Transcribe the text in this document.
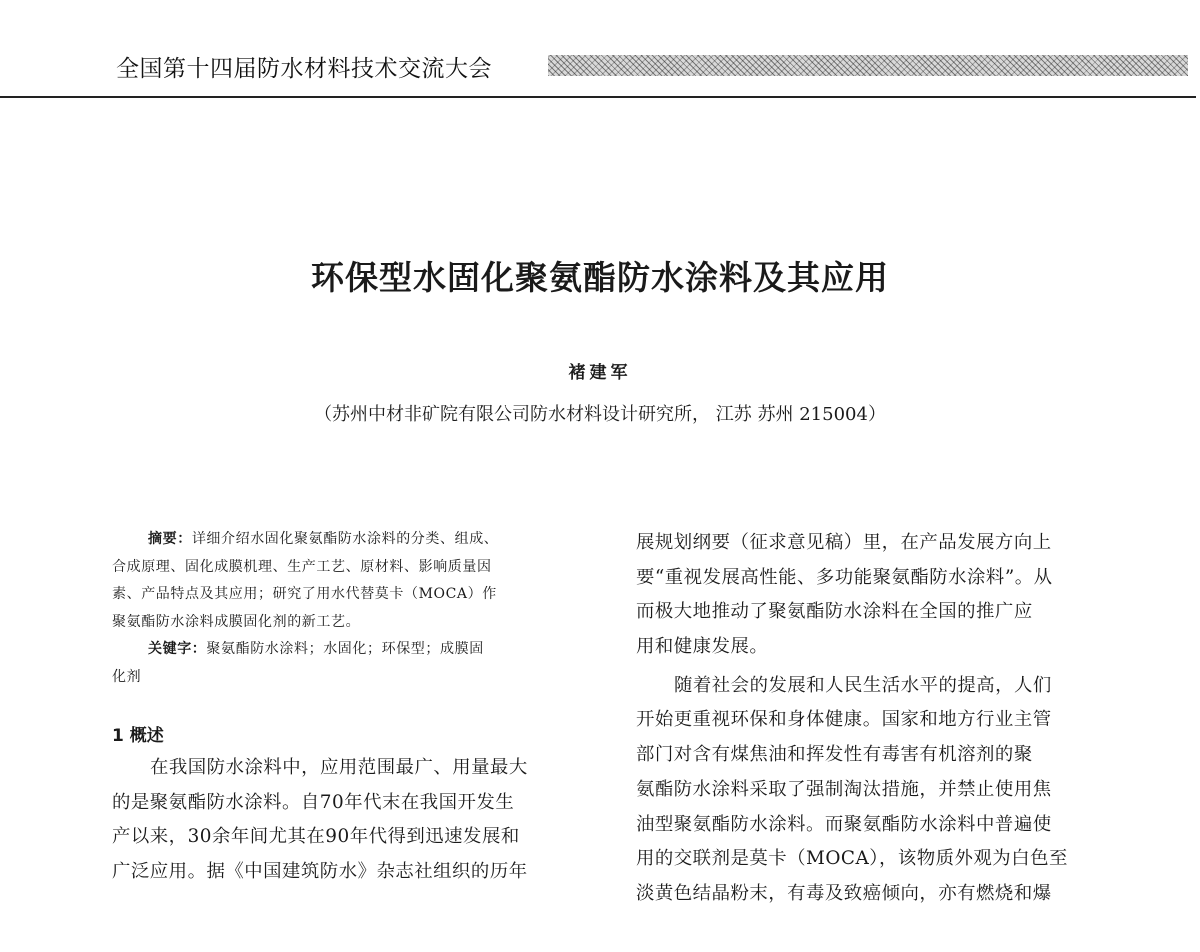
全国第十四届防水材料技术交流大会
环保型水固化聚氨酯防水涂料及其应用
褚建军
（苏州中材非矿院有限公司防水材料设计研究所， 江苏 苏州 215004）
摘要：详细介绍水固化聚氨酯防水涂料的分类、组成、
合成原理、固化成膜机理、生产工艺、原材料、影响质量因
素、产品特点及其应用；研究了用水代替莫卡（MOCA）作
聚氨酯防水涂料成膜固化剂的新工艺。
关键字：聚氨酯防水涂料；水固化；环保型；成膜固
化剂
1 概述
在我国防水涂料中，应用范围最广、用量最大
的是聚氨酯防水涂料。自70年代末在我国开发生
产以来，30余年间尤其在90年代得到迅速发展和
广泛应用。据《中国建筑防水》杂志社组织的历年
展规划纲要（征求意见稿）里，在产品发展方向上
要“重视发展高性能、多功能聚氨酯防水涂料”。从
而极大地推动了聚氨酯防水涂料在全国的推广应
用和健康发展。
随着社会的发展和人民生活水平的提高，人们
开始更重视环保和身体健康。国家和地方行业主管
部门对含有煤焦油和挥发性有毒害有机溶剂的聚
氨酯防水涂料采取了强制淘汰措施，并禁止使用焦
油型聚氨酯防水涂料。而聚氨酯防水涂料中普遍使
用的交联剂是莫卡（MOCA），该物质外观为白色至
淡黄色结晶粉末，有毒及致癌倾向，亦有燃烧和爆
